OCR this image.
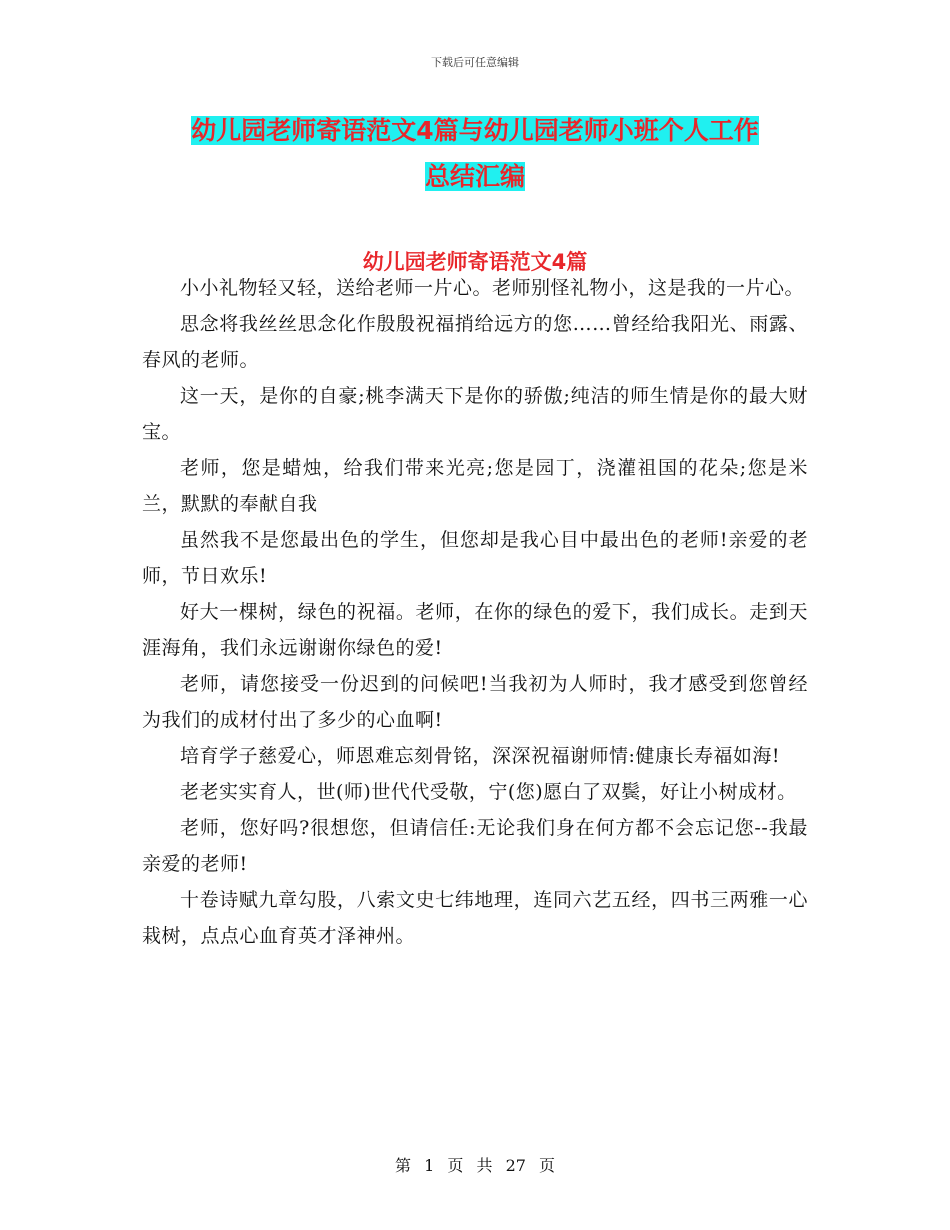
下载后可任意编辑
幼儿园老师寄语范文4篇与幼儿园老师小班个人工作
总结汇编
幼儿园老师寄语范文4篇

小小礼物轻又轻，送给老师一片心。老师别怪礼物小，这是我的一片心。

思念将我丝丝思念化作殷殷祝福捎给远方的您……曾经给我阳光、雨露、春风的老师。

这一天，是你的自豪;桃李满天下是你的骄傲;纯洁的师生情是你的最大财宝。

老师，您是蜡烛，给我们带来光亮;您是园丁，浇灌祖国的花朵;您是米兰，默默的奉献自我

虽然我不是您最出色的学生，但您却是我心目中最出色的老师!亲爱的老师，节日欢乐!

好大一棵树，绿色的祝福。老师，在你的绿色的爱下，我们成长。走到天涯海角，我们永远谢谢你绿色的爱!

老师，请您接受一份迟到的问候吧!当我初为人师时，我才感受到您曾经为我们的成材付出了多少的心血啊!

培育学子慈爱心，师恩难忘刻骨铭，深深祝福谢师情:健康长寿福如海!

老老实实育人，世(师)世代代受敬，宁(您)愿白了双鬓，好让小树成材。

老师，您好吗?很想您，但请信任:无论我们身在何方都不会忘记您--我最亲爱的老师!

十卷诗赋九章勾股，八索文史七纬地理，连同六艺五经，四书三两雅一心栽树，点点心血育英才泽神州。

第 1 页 共 27 页
